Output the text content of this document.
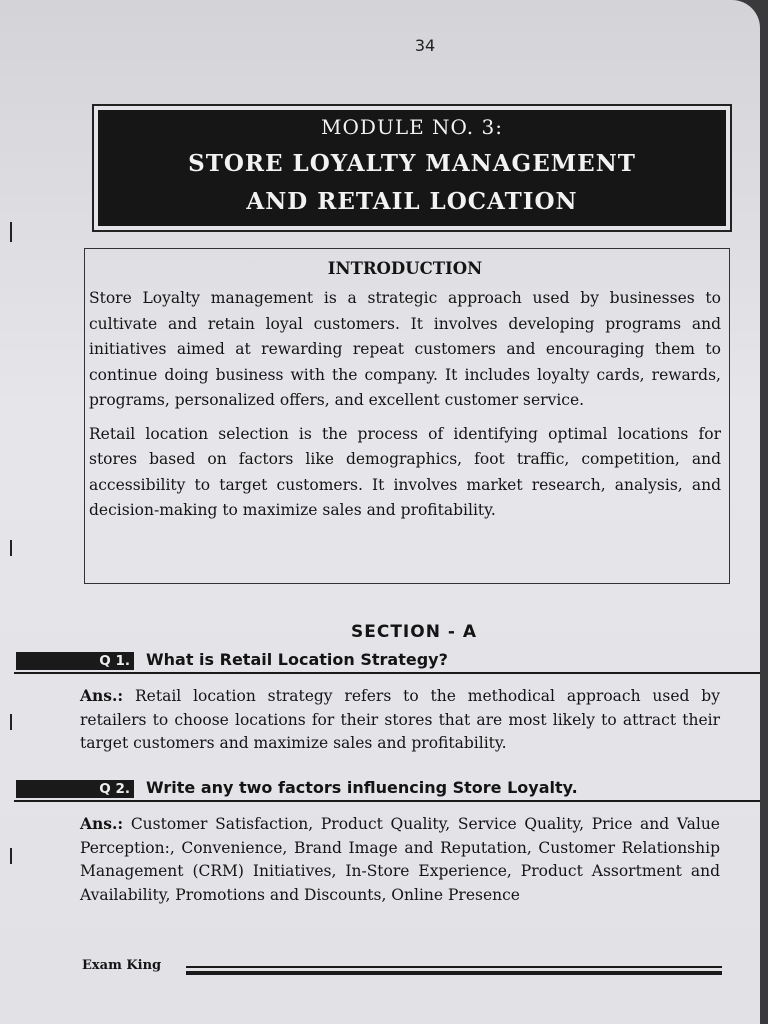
34
MODULE NO. 3:
STORE LOYALTY MANAGEMENT
AND RETAIL LOCATION
INTRODUCTION

Store Loyalty management is a strategic approach used by businesses to cultivate and retain loyal customers. It involves developing programs and initiatives aimed at rewarding repeat customers and encouraging them to continue doing business with the company. It includes loyalty cards, rewards, programs, personalized offers, and excellent customer service.

Retail location selection is the process of identifying optimal locations for stores based on factors like demographics, foot traffic, competition, and accessibility to target customers. It involves market research, analysis, and decision-making to maximize sales and profitability.

SECTION - A
Q 1. What is Retail Location Strategy?

Ans.: Retail location strategy refers to the methodical approach used by retailers to choose locations for their stores that are most likely to attract their target customers and maximize sales and profitability.

Q 2. Write any two factors influencing Store Loyalty.

Ans.: Customer Satisfaction, Product Quality, Service Quality, Price and Value Perception:, Convenience, Brand Image and Reputation, Customer Relationship Management (CRM) Initiatives, In-Store Experience, Product Assortment and Availability, Promotions and Discounts, Online Presence

Exam King
